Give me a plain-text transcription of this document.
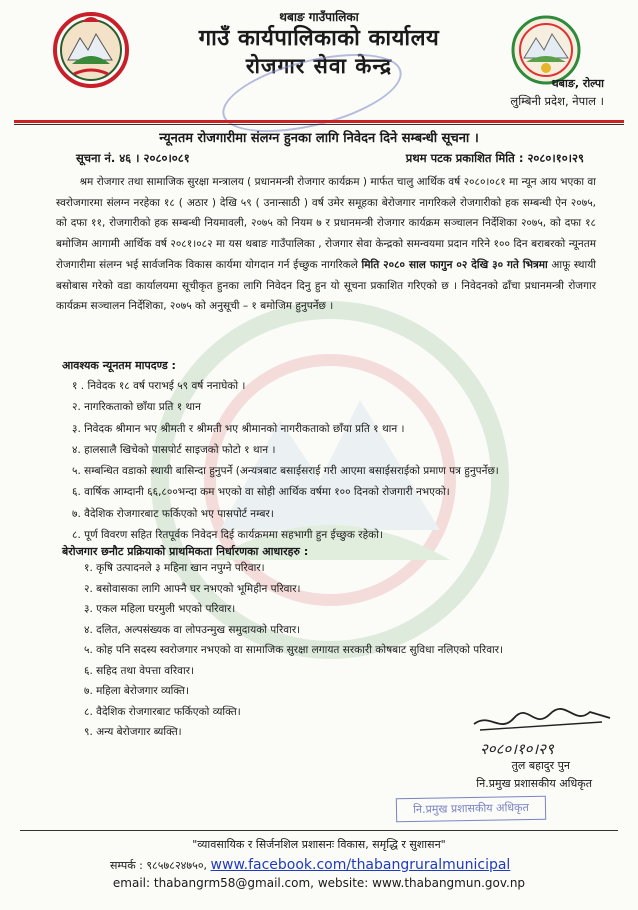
थबाङ गाउँपालिका
गाउँ कार्यपालिकाको कार्यालय
रोजगार सेवा केन्द्र
थबाङ, रोल्पा
लुम्बिनी प्रदेश, नेपाल ।
न्यूनतम रोजगारीमा संलग्न हुनका लागि निवेदन दिने सम्बन्धी सूचना ।
सूचना नं. ४६ । २०८०।०८१	प्रथम पटक प्रकाशित मिति : २०८०।१०।२९
श्रम रोजगार तथा सामाजिक सुरक्षा मन्त्रालय ( प्रधानमन्त्री रोजगार कार्यक्रम ) मार्फत चालु आर्थिक वर्ष २०८०।०८१ मा न्यून आय भएका वा स्वरोजगारमा संलग्न नरहेका १८ ( अठार ) देखि ५९ ( उनान्साठी ) वर्ष उमेर समूहका बेरोजगार नागरिकले रोजगारीको हक सम्बन्धी ऐन २०७५, को दफा ११, रोजगारीको हक सम्बन्धी नियमावली, २०७५ को नियम ७ र प्रधानमन्त्री रोजगार कार्यक्रम सञ्चालन निर्देशिका २०७५, को दफा १८ बमोजिम आगामी आर्थिक वर्ष २०८१।०८२ मा यस थबाङ गाउँपालिका , रोजगार सेवा केन्द्रको समन्वयमा प्रदान गरिने १०० दिन बराबरको न्यूनतम रोजगारीमा संलग्न भई सार्वजनिक विकास कार्यमा योगदान गर्न ईच्छुक नागरिकले मिति २०८० साल फागुन ०२ देखि ३० गते भित्रमा आफू स्थायी बसोबास गरेको वडा कार्यालयमा सूचीकृत हुनका लागि निवेदन दिनु हुन यो सूचना प्रकाशित गरिएको छ । निवेदनको ढाँचा प्रधानमन्त्री रोजगार कार्यक्रम सञ्चालन निर्देशिका, २०७५ को अनुसूची – १ बमोजिम हुनुपर्नेछ ।
आवश्यक न्यूनतम मापदण्ड :
१ . निवेदक १८ वर्ष पराभई ५९ वर्ष ननाघेको ।
२. नागरिकताको छाँया प्रति १ थान
३. निवेदक श्रीमान भए श्रीमती र श्रीमती भए श्रीमानको नागरीकताको छाँया प्रति १ थान ।
४. हालसालै खिचेको पासपोर्ट साइजको फोटो १ थान ।
५. सम्बन्धित वडाको स्थायी बासिन्दा हुनुपर्ने (अन्यत्रबाट बसाईसराई गरी आएमा बसाईसराईको प्रमाण पत्र हुनुपर्नेछ।
६. वार्षिक आम्दानी ६६,८००भन्दा कम भएको वा सोही आर्थिक वर्षमा १०० दिनको रोजगारी नभएको।
७. वैदेशिक रोजगारबाट फर्किएको भए पासपोर्ट नम्बर।
८. पूर्ण विवरण सहित रितपूर्वक निवेदन दिई कार्यक्रममा सहभागी हुन ईच्छुक रहेको।
बेरोजगार छनौट प्रक्रियाको प्राथमिकता निर्धारणका आधारहरु :
१. कृषि उत्पादनले ३ महिना खान नपुग्ने परिवार।
२. बसोवासका लागि आफ्नै घर नभएको भूमिहीन परिवार।
३. एकल महिला घरमुली भएको परिवार।
४. दलित, अल्पसंख्यक वा लोपउन्मुख समुदायको परिवार।
५. कोह पनि सदस्य स्वरोजगार नभएको वा सामाजिक सुरक्षा लगायत सरकारी कोषबाट सुविधा नलिएको परिवार।
६. सहिद तथा वेपत्ता वरिवार।
७. महिला बेरोजगार व्यक्ति।
८. वैदेशिक रोजगारबाट फर्किएको व्यक्ति।
९. अन्य बेरोजगार ब्यक्ति।
२०८०।१०।२९
तुल बहादुर पुन
नि.प्रमुख प्रशासकीय अधिकृत
नि.प्रमुख प्रशासकीय अधिकृत
"व्यावसायिक र सिर्जनशिल प्रशासनः विकास, समृद्धि र सुशासन"
सम्पर्क : ९८५७८२४७५०, www.facebook.com/thabangruralmunicipal
email: thabangrm58@gmail.com, website: www.thabangmun.gov.np
